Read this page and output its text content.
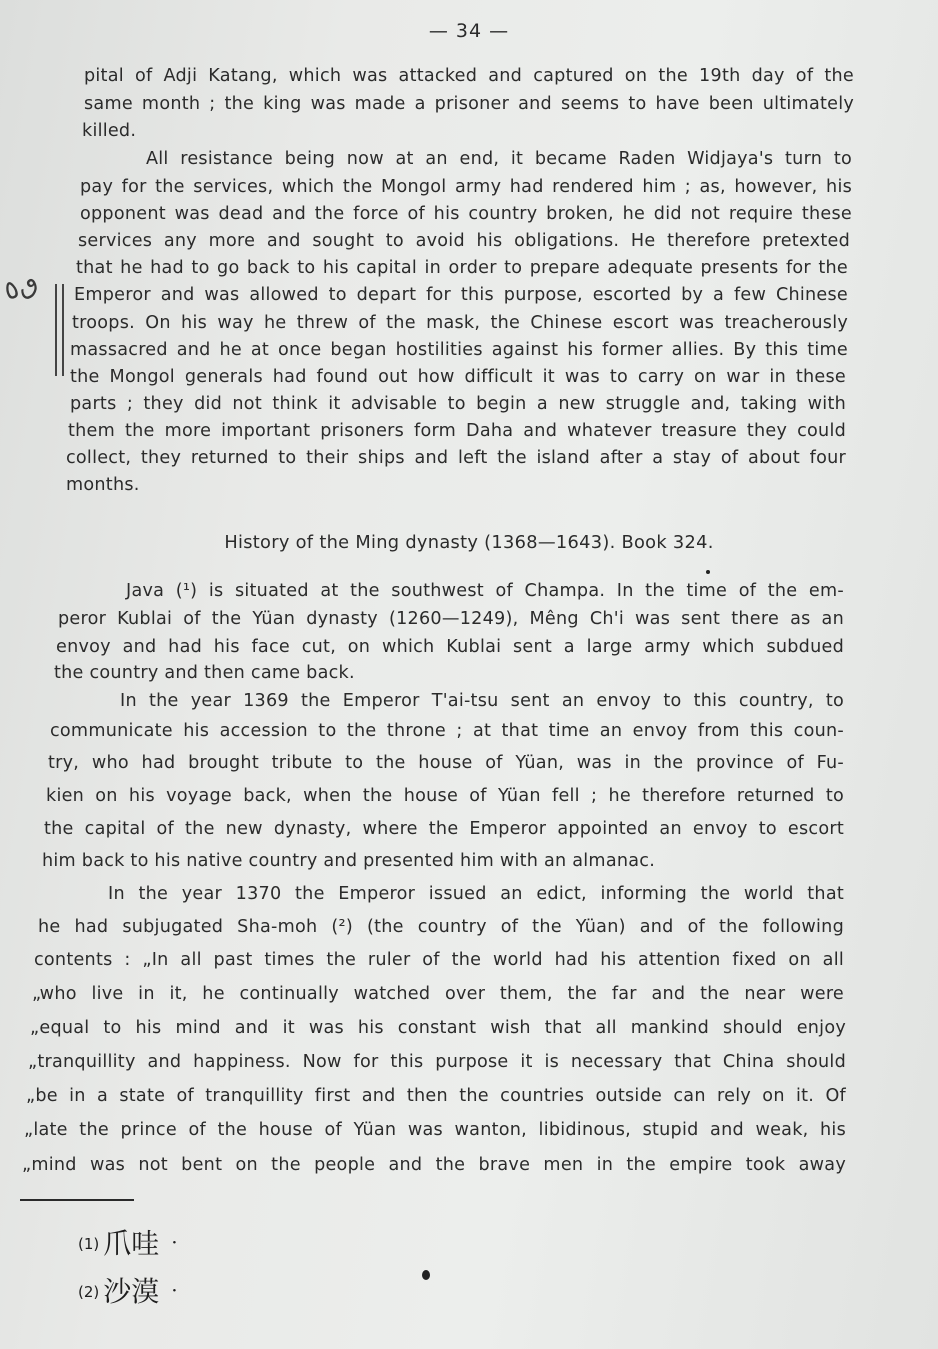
— 34 —
ٯ٥
pital of Adji Katang, which was attacked and captured on the 19th day of the
same month ; the king was made a prisoner and seems to have been ultimately
killed.
All resistance being now at an end, it became Raden Widjaya's turn to
pay for the services, which the Mongol army had rendered him ; as, however, his
opponent was dead and the force of his country broken, he did not require these
services any more and sought to avoid his obligations. He therefore pretexted
that he had to go back to his capital in order to prepare adequate presents for the
Emperor and was allowed to depart for this purpose, escorted by a few Chinese
troops. On his way he threw of the mask, the Chinese escort was treacherously
massacred and he at once began hostilities against his former allies. By this time
the Mongol generals had found out how difficult it was to carry on war in these
parts ; they did not think it advisable to begin a new struggle and, taking with
them the more important prisoners form Daha and whatever treasure they could
collect, they returned to their ships and left the island after a stay of about four
months.
History of the Ming dynasty (1368—1643). Book 324.
Java (¹) is situated at the southwest of Champa. In the time of the em-
peror Kublai of the Yüan dynasty (1260—1249), Mêng Ch'i was sent there as an
envoy and had his face cut, on which Kublai sent a large army which subdued
the country and then came back.
In the year 1369 the Emperor T'ai-tsu sent an envoy to this country, to
communicate his accession to the throne ; at that time an envoy from this coun-
try, who had brought tribute to the house of Yüan, was in the province of Fu-
kien on his voyage back, when the house of Yüan fell ; he therefore returned to
the capital of the new dynasty, where the Emperor appointed an envoy to escort
him back to his native country and presented him with an almanac.
In the year 1370 the Emperor issued an edict, informing the world that
he had subjugated Sha-moh (²) (the country of the Yüan) and of the following
contents : „In all past times the ruler of the world had his attention fixed on all
„who live in it, he continually watched over them, the far and the near were
„equal to his mind and it was his constant wish that all mankind should enjoy
„tranquillity and happiness. Now for this purpose it is necessary that China should
„be in a state of tranquillity first and then the countries outside can rely on it. Of
„late the prince of the house of Yüan was wanton, libidinous, stupid and weak, his
„mind was not bent on the people and the brave men in the empire took away
(1) 爪哇 ·
(2) 沙漠 ·
